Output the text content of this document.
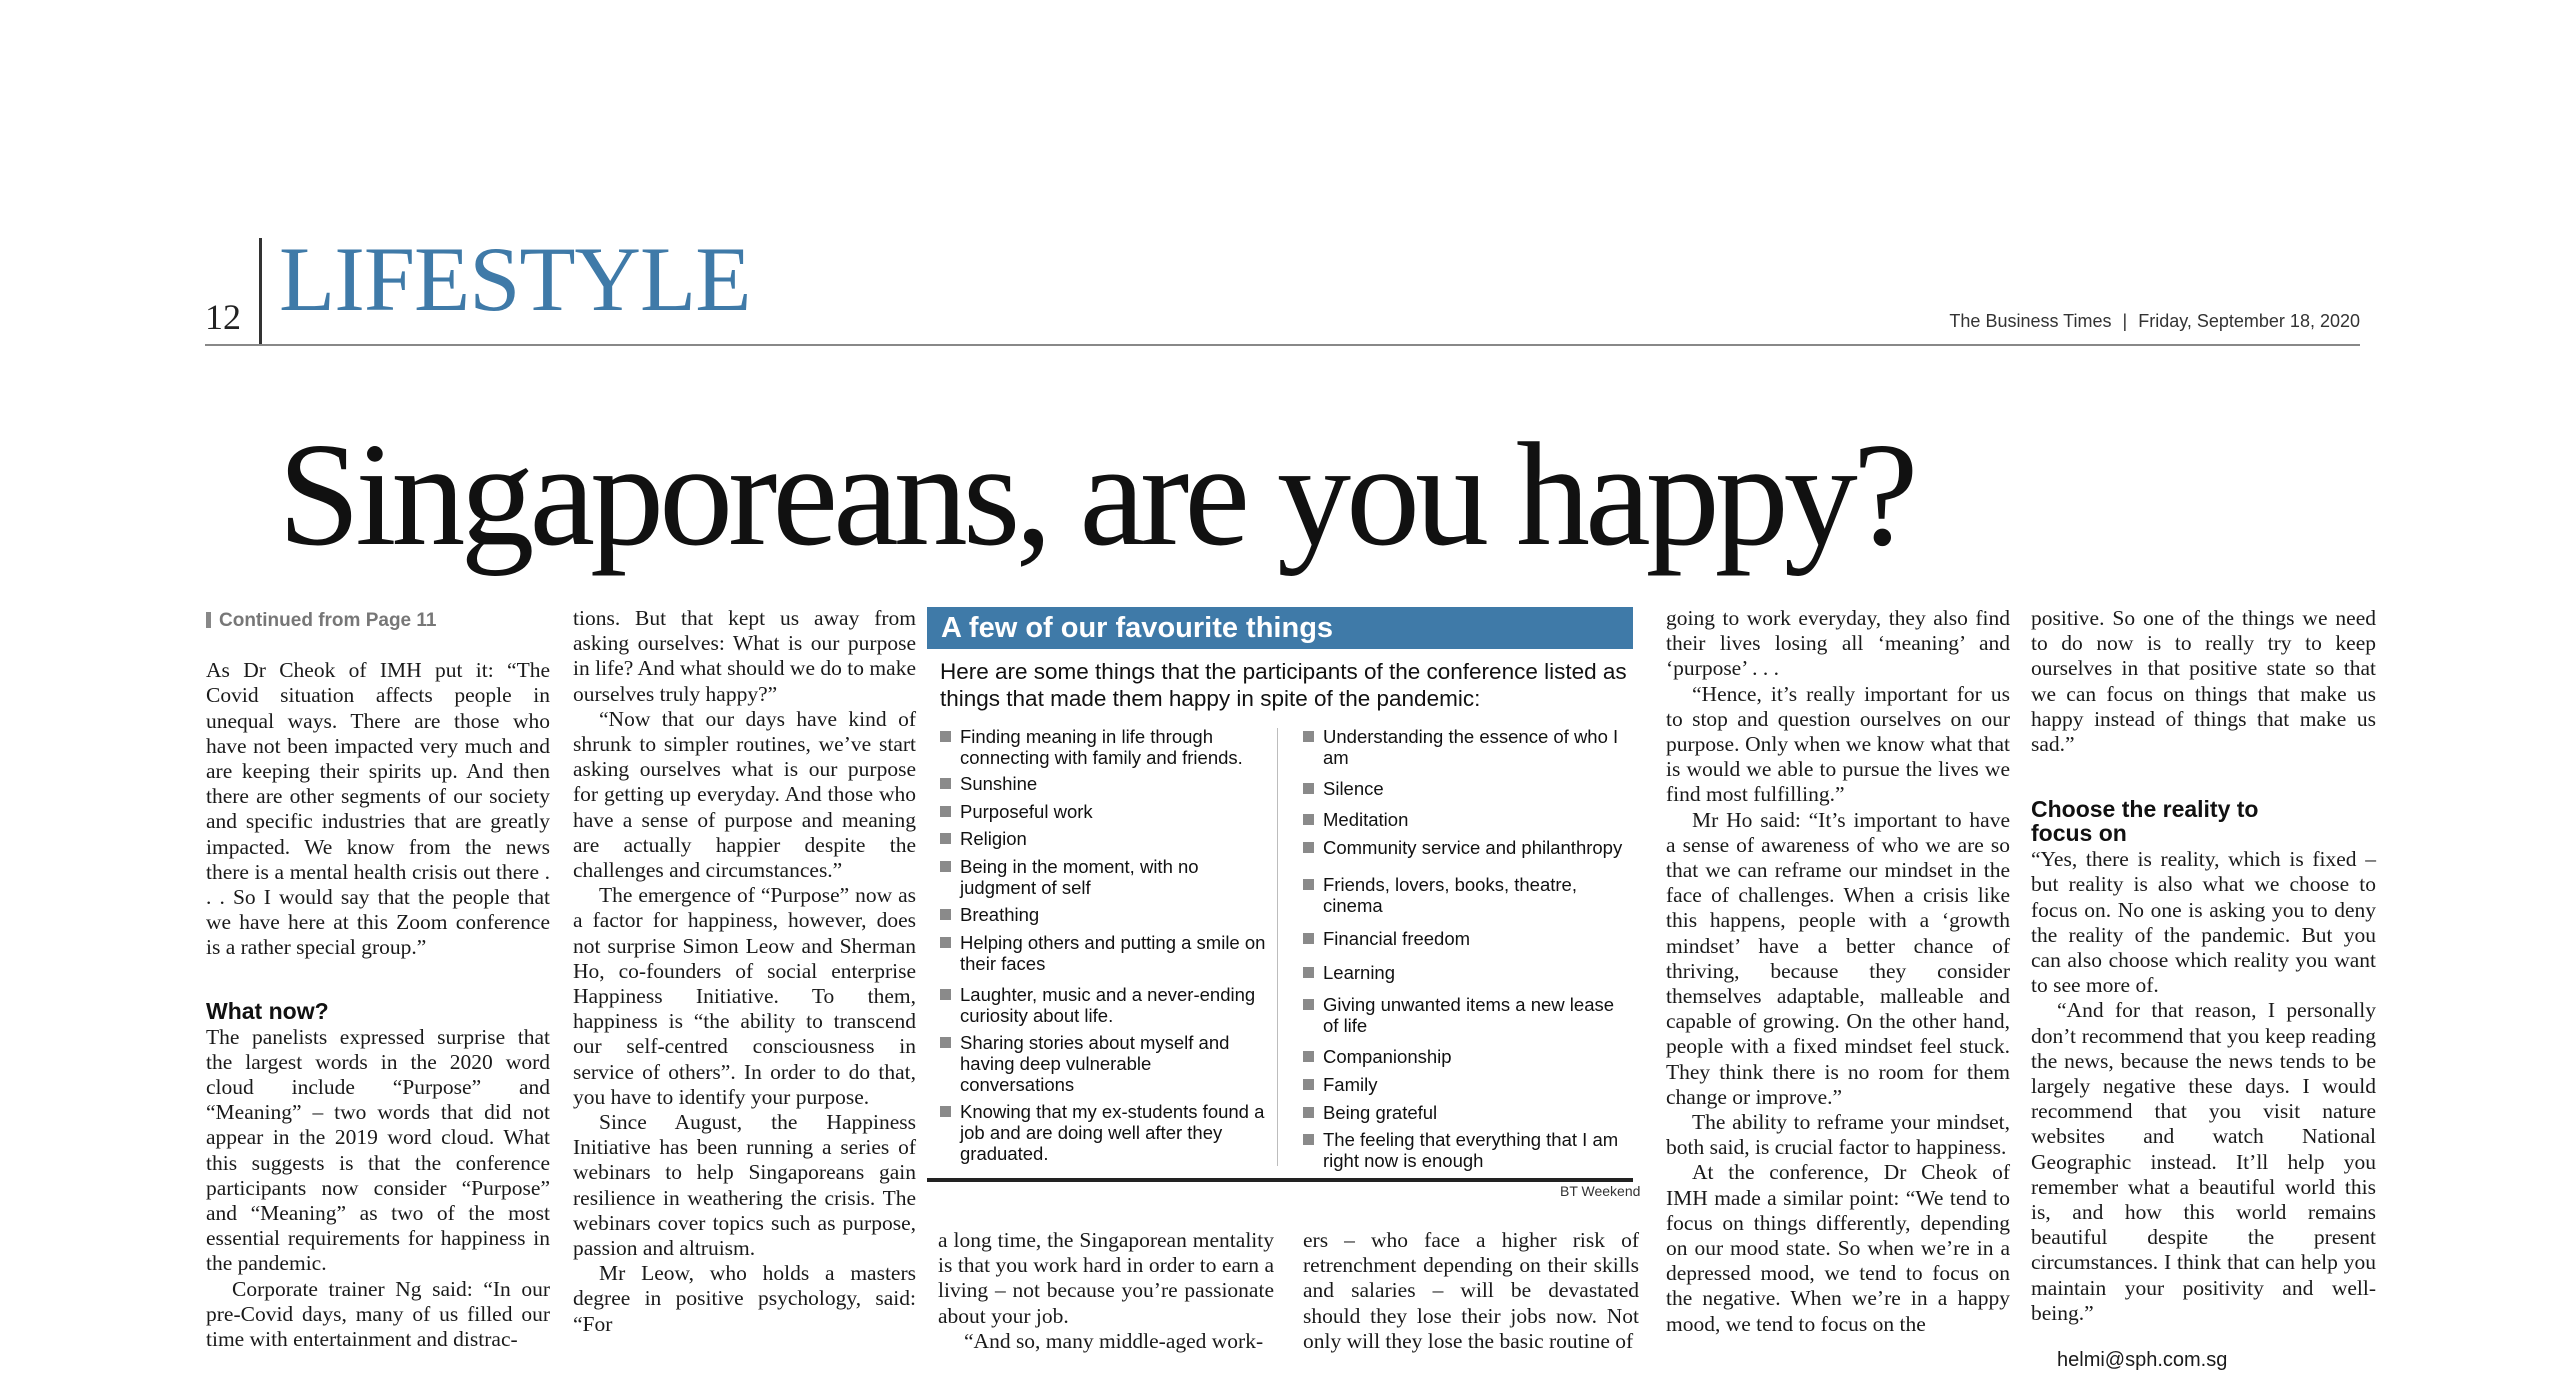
12 LIFESTYLE	The Business Times | Friday, September 18, 2020
Singaporeans, are you happy?

Continued from Page 11

As Dr Cheok of IMH put it: “The Covid situation affects people in unequal ways. There are those who have not been impacted very much and are keeping their spirits up. And then there are other segments of our society and specific industries that are greatly impacted. We know from the news there is a mental health crisis out there . . . So I would say that the people that we have here at this Zoom conference is a rather special group.”

What now?

The panelists expressed surprise that the largest words in the 2020 word cloud include “Purpose” and “Meaning” – two words that did not appear in the 2019 word cloud. What this suggests is that the conference participants now consider “Purpose” and “Meaning” as two of the most essential requirements for happiness in the pandemic.

Corporate trainer Ng said: “In our pre-Covid days, many of us filled our time with entertainment and distrac-

tions. But that kept us away from asking ourselves: What is our purpose in life? And what should we do to make ourselves truly happy?”

“Now that our days have kind of shrunk to simpler routines, we’ve start asking ourselves what is our purpose for getting up everyday. And those who have a sense of purpose and meaning are actually happier despite the challenges and circumstances.”

The emergence of “Purpose” now as a factor for happiness, however, does not surprise Simon Leow and Sherman Ho, co-founders of social enterprise Happiness Initiative. To them, happiness is “the ability to transcend our self-centred consciousness in service of others”. In order to do that, you have to identify your purpose.

Since August, the Happiness Initiative has been running a series of webinars to help Singaporeans gain resilience in weathering the crisis. The webinars cover topics such as purpose, passion and altruism.

Mr Leow, who holds a masters degree in positive psychology, said: “For

A few of our favourite things
Here are some things that the participants of the conference listed as things that made them happy in spite of the pandemic:
Finding meaning in life through connecting with family and friends.
Sunshine
Purposeful work
Religion
Being in the moment, with no judgment of self
Breathing
Helping others and putting a smile on their faces
Laughter, music and a never-ending curiosity about life.
Sharing stories about myself and having deep vulnerable conversations
Knowing that my ex-students found a job and are doing well after they graduated.
Understanding the essence of who I am
Silence
Meditation
Community service and philanthropy
Friends, lovers, books, theatre, cinema
Financial freedom
Learning
Giving unwanted items a new lease of life
Companionship
Family
Being grateful
The feeling that everything that I am right now is enough
BT Weekend

a long time, the Singaporean mentality is that you work hard in order to earn a living – not because you’re passionate about your job.

“And so, many middle-aged work-

ers – who face a higher risk of retrenchment depending on their skills and salaries – will be devastated should they lose their jobs now. Not only will they lose the basic routine of

going to work everyday, they also find their lives losing all ‘meaning’ and ‘purpose’ . . .

“Hence, it’s really important for us to stop and question ourselves on our purpose. Only when we know what that is would we able to pursue the lives we find most fulfilling.”

Mr Ho said: “It’s important to have a sense of awareness of who we are so that we can reframe our mindset in the face of challenges. When a crisis like this happens, people with a ‘growth mindset’ have a better chance of thriving, because they consider themselves adaptable, malleable and capable of growing. On the other hand, people with a fixed mindset feel stuck. They think there is no room for them change or improve.”

The ability to reframe your mindset, both said, is crucial factor to happiness.

At the conference, Dr Cheok of IMH made a similar point: “We tend to focus on things differently, depending on our mood state. So when we’re in a depressed mood, we tend to focus on the negative. When we’re in a happy mood, we tend to focus on the

positive. So one of the things we need to do now is to really try to keep ourselves in that positive state so that we can focus on things that make us happy instead of things that make us sad.”

Choose the reality to focus on

“Yes, there is reality, which is fixed – but reality is also what we choose to focus on. No one is asking you to deny the reality of the pandemic. But you can also choose which reality you want to see more of.

“And for that reason, I personally don’t recommend that you keep reading the news, because the news tends to be largely negative these days. I would recommend that you visit nature websites and watch National Geographic instead. It’ll help you remember what a beautiful world this is, and how this world remains beautiful despite the present circumstances. I think that can help you maintain your positivity and well-being.”

helmi@sph.com.sg
